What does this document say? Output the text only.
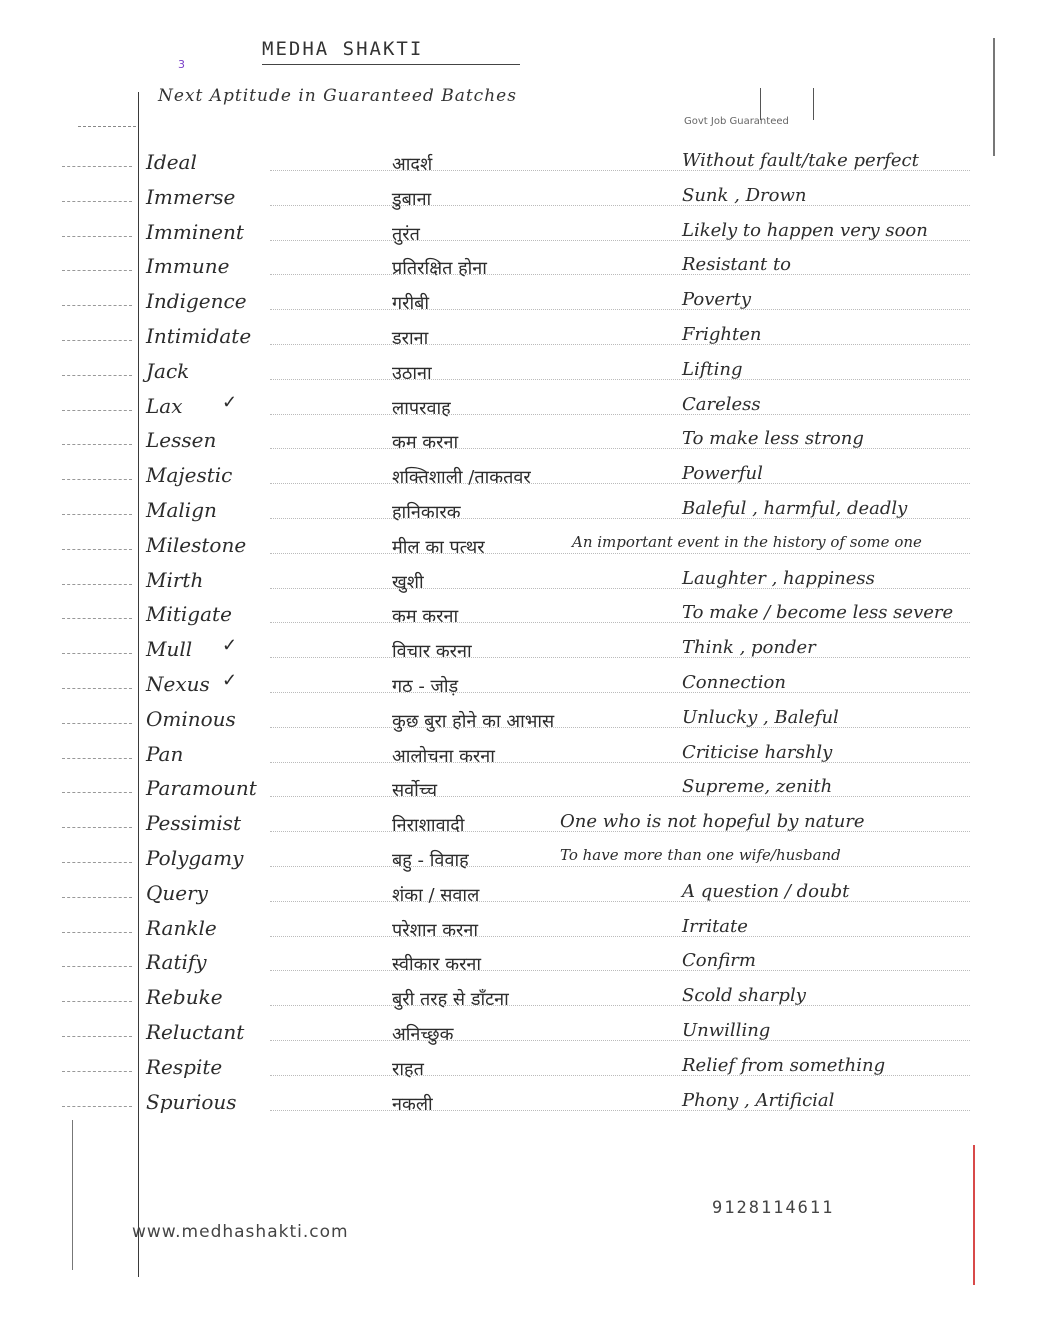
3
MEDHA SHAKTI
Next Aptitude in Guaranteed Batches
Govt Job Guaranteed
Ideal	आदर्श	Without fault/take perfect
Immerse	डुबाना	Sunk , Drown
Imminent	तुरंत	Likely to happen very soon
Immune	प्रतिरक्षित होना	Resistant to
Indigence	गरीबी	Poverty
Intimidate	डराना	Frighten
Jack	उठाना	Lifting
Lax	लापरवाह	Careless
✓
Lessen	कम करना	To make less strong
Majestic	शक्तिशाली /ताकतवर	Powerful
Malign	हानिकारक	Baleful , harmful, deadly
Milestone	मील का पत्थर	An important event in the history of some one
Mirth	खुशी	Laughter , happiness
Mitigate	कम करना	To make / become less severe
Mull	विचार करना	Think , ponder
✓
Nexus	गठ - जोड़	Connection
✓
Ominous	कुछ बुरा होने का आभास	Unlucky , Baleful
Pan	आलोचना करना	Criticise harshly
Paramount	सर्वोच्च	Supreme, zenith
Pessimist	निराशावादी	One who is not hopeful by nature
Polygamy	बहु - विवाह	To have more than one wife/husband
Query	शंका / सवाल	A question / doubt
Rankle	परेशान करना	Irritate
Ratify	स्वीकार करना	Confirm
Rebuke	बुरी तरह से डाँटना	Scold sharply
Reluctant	अनिच्छुक	Unwilling
Respite	राहत	Relief from something
Spurious	नकली	Phony , Artificial
9128114611
www.medhashakti.com
